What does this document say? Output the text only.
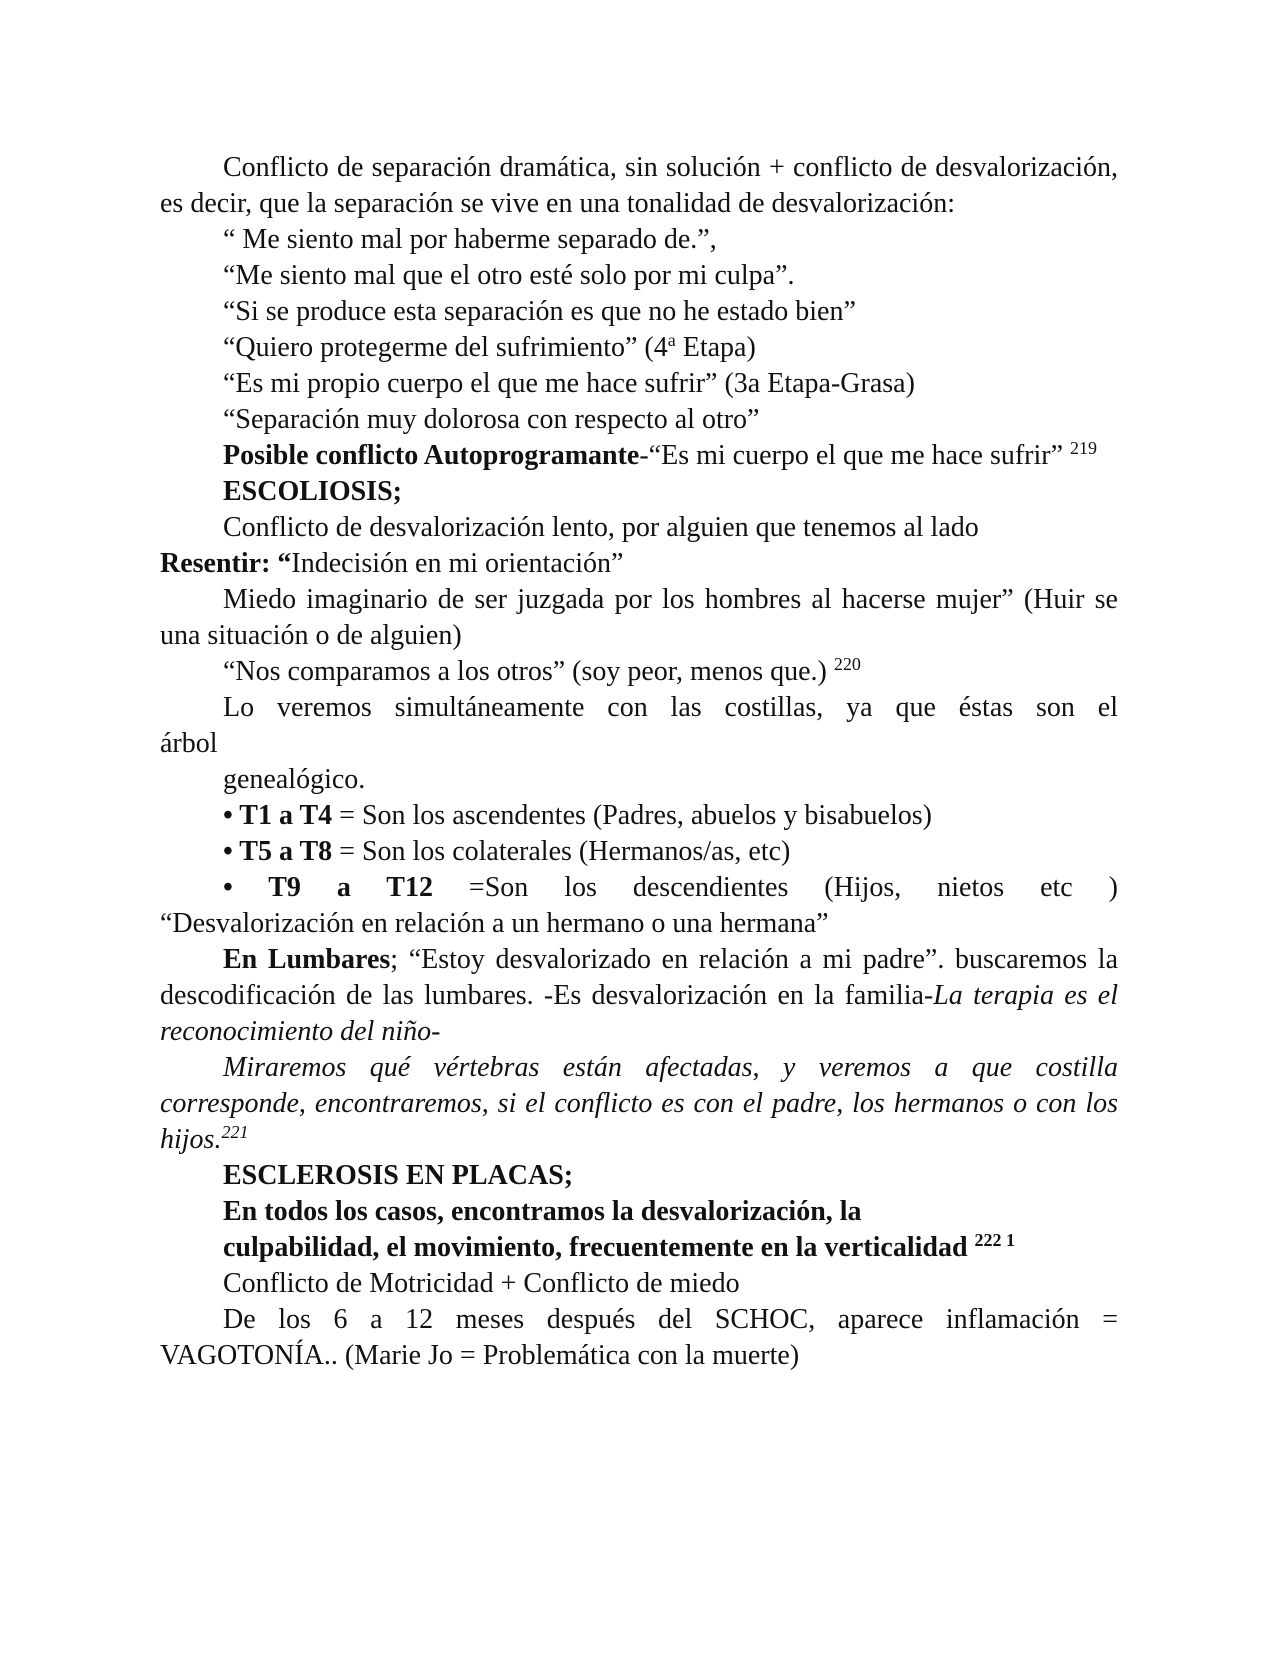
Conflicto de separación dramática, sin solución + conflicto de desvalorización, es decir, que la separación se vive en una tonalidad de desvalorización:

“ Me siento mal por haberme separado de.”,

“Me siento mal que el otro esté solo por mi culpa”.

“Si se produce esta separación es que no he estado bien”

“Quiero protegerme del sufrimiento” (4$^a$ Etapa)

“Es mi propio cuerpo el que me hace sufrir” (3a Etapa-Grasa)

“Separación muy dolorosa con respecto al otro”

Posible conflicto Autoprogramante-“Es mi cuerpo el que me hace sufrir” $^{219}$

ESCOLIOSIS;

Conflicto de desvalorización lento, por alguien que tenemos al lado

Resentir: “Indecisión en mi orientación”

Miedo imaginario de ser juzgada por los hombres al hacerse mujer” (Huir se una situación o de alguien)

“Nos comparamos a los otros” (soy peor, menos que.) $^{220}$

Lo veremos simultáneamente con las costillas, ya que éstas son el

árbol

genealógico.

• T1 a T4 = Son los ascendentes (Padres, abuelos y bisabuelos)

• T5 a T8 = Son los colaterales (Hermanos/as, etc)

• T9 a T12 =Son los descendientes (Hijos, nietos etc )

“Desvalorización en relación a un hermano o una hermana”

En Lumbares; “Estoy desvalorizado en relación a mi padre”. buscaremos la descodificación de las lumbares. -Es desvalorización en la familia-La terapia es el reconocimiento del niño-

Miraremos qué vértebras están afectadas, y veremos a que costilla corresponde, encontraremos, si el conflicto es con el padre, los hermanos o con los hijos.$^{221}$

ESCLEROSIS EN PLACAS;

En todos los casos, encontramos la desvalorización, la

culpabilidad, el movimiento, frecuentemente en la verticalidad $^{222 1}$

Conflicto de Motricidad + Conflicto de miedo

De los 6 a 12 meses después del SCHOC, aparece inflamación = VAGOTONÍA.. (Marie Jo = Problemática con la muerte)
